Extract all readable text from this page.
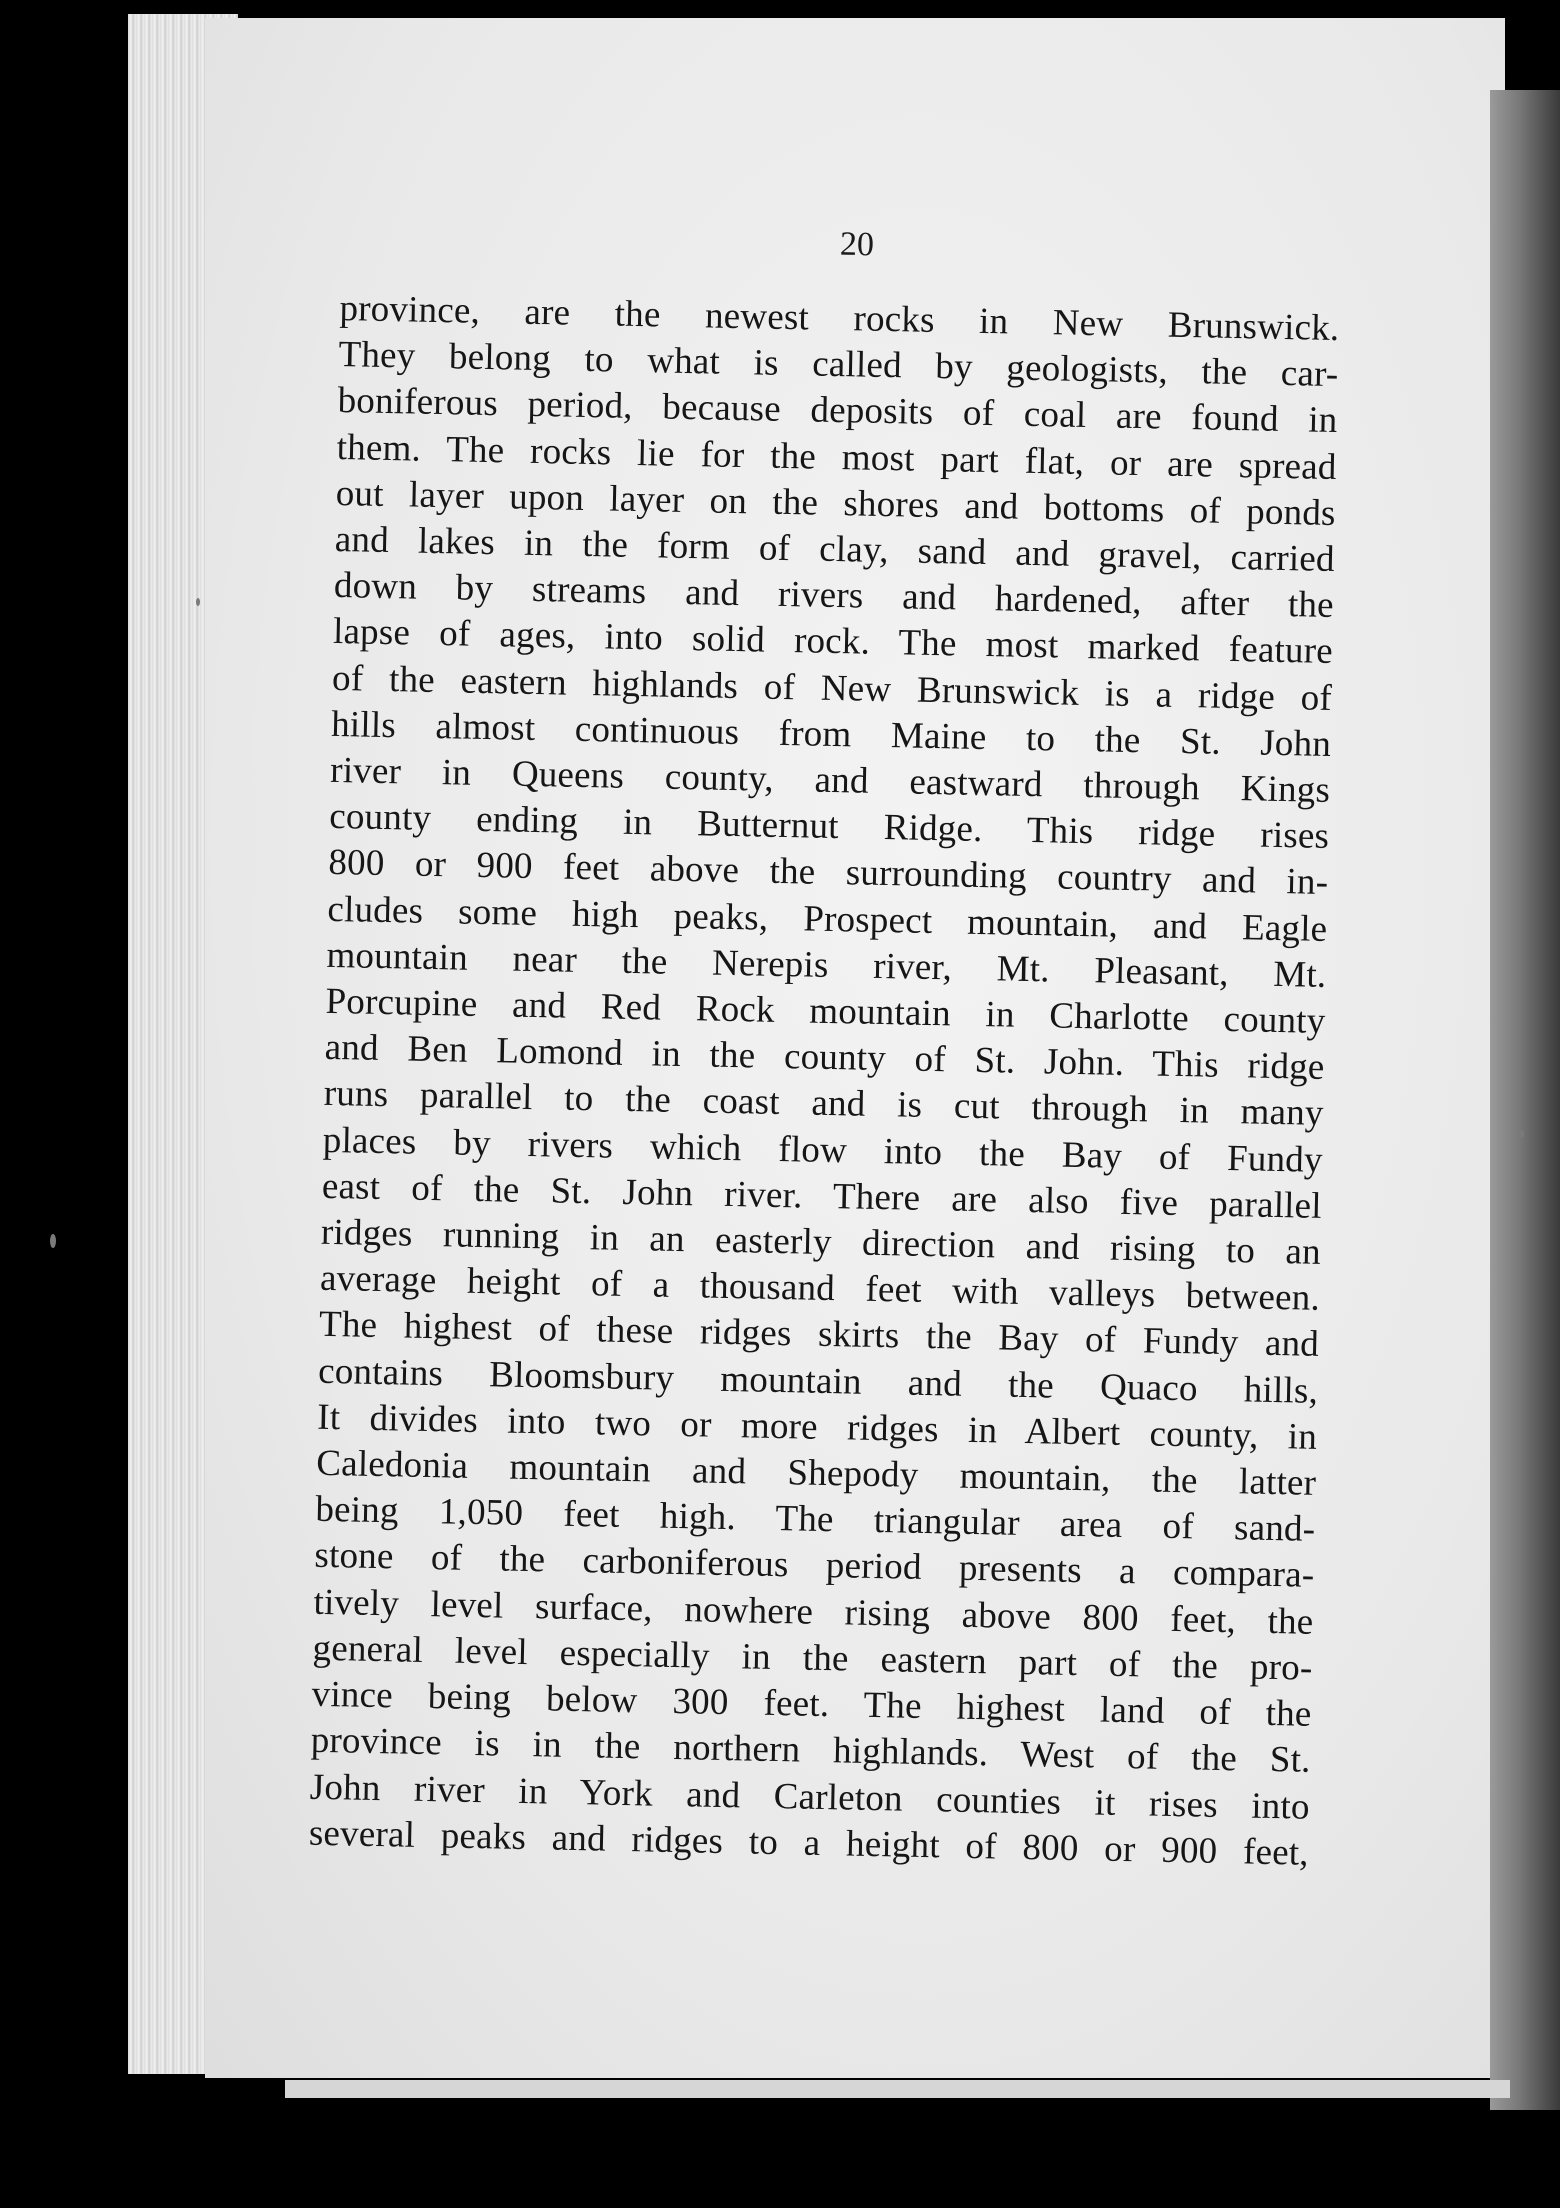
20
province, are the newest rocks in New Brunswick.
They belong to what is called by geologists, the car-
boniferous period, because deposits of coal are found in
them. The rocks lie for the most part flat, or are spread
out layer upon layer on the shores and bottoms of ponds
and lakes in the form of clay, sand and gravel, carried
down by streams and rivers and hardened, after the
lapse of ages, into solid rock. The most marked feature
of the eastern highlands of New Brunswick is a ridge of
hills almost continuous from Maine to the St. John
river in Queens county, and eastward through Kings
county ending in Butternut Ridge. This ridge rises
800 or 900 feet above the surrounding country and in-
cludes some high peaks, Prospect mountain, and Eagle
mountain near the Nerepis river, Mt. Pleasant, Mt.
Porcupine and Red Rock mountain in Charlotte county
and Ben Lomond in the county of St. John. This ridge
runs parallel to the coast and is cut through in many
places by rivers which flow into the Bay of Fundy
east of the St. John river. There are also five parallel
ridges running in an easterly direction and rising to an
average height of a thousand feet with valleys between.
The highest of these ridges skirts the Bay of Fundy and
contains Bloomsbury mountain and the Quaco hills,
It divides into two or more ridges in Albert county, in
Caledonia mountain and Shepody mountain, the latter
being 1,050 feet high. The triangular area of sand-
stone of the carboniferous period presents a compara-
tively level surface, nowhere rising above 800 feet, the
general level especially in the eastern part of the pro-
vince being below 300 feet. The highest land of the
province is in the northern highlands. West of the St.
John river in York and Carleton counties it rises into
several peaks and ridges to a height of 800 or 900 feet,
